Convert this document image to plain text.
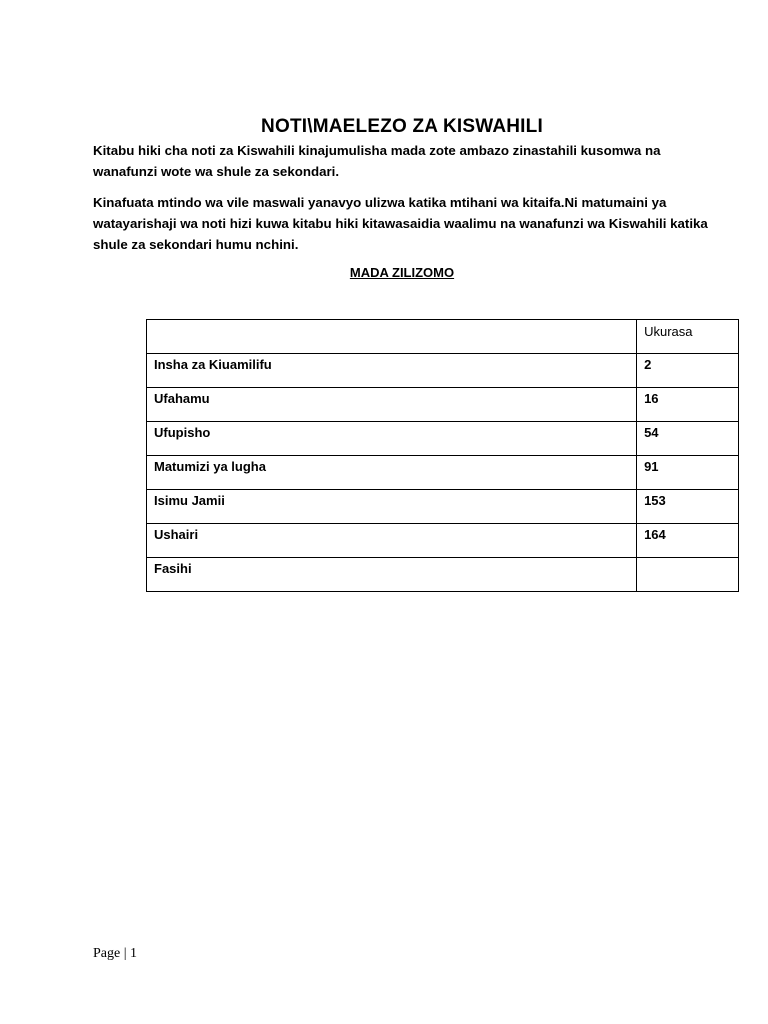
NOTI\MAELEZO ZA KISWAHILI
Kitabu hiki cha noti za Kiswahili kinajumulisha mada zote ambazo zinastahili kusomwa na wanafunzi wote wa shule za sekondari.
Kinafuata mtindo wa vile maswali yanavyo ulizwa katika mtihani wa kitaifa.Ni matumaini ya watayarishaji wa noti hizi kuwa kitabu hiki kitawasaidia waalimu na wanafunzi wa Kiswahili katika shule za sekondari humu nchini.
MADA ZILIZOMO
	Ukurasa
Insha za Kiuamilifu	2
Ufahamu	16
Ufupisho	54
Matumizi ya lugha	91
Isimu Jamii	153
Ushairi	164
Fasihi	
Page | 1
